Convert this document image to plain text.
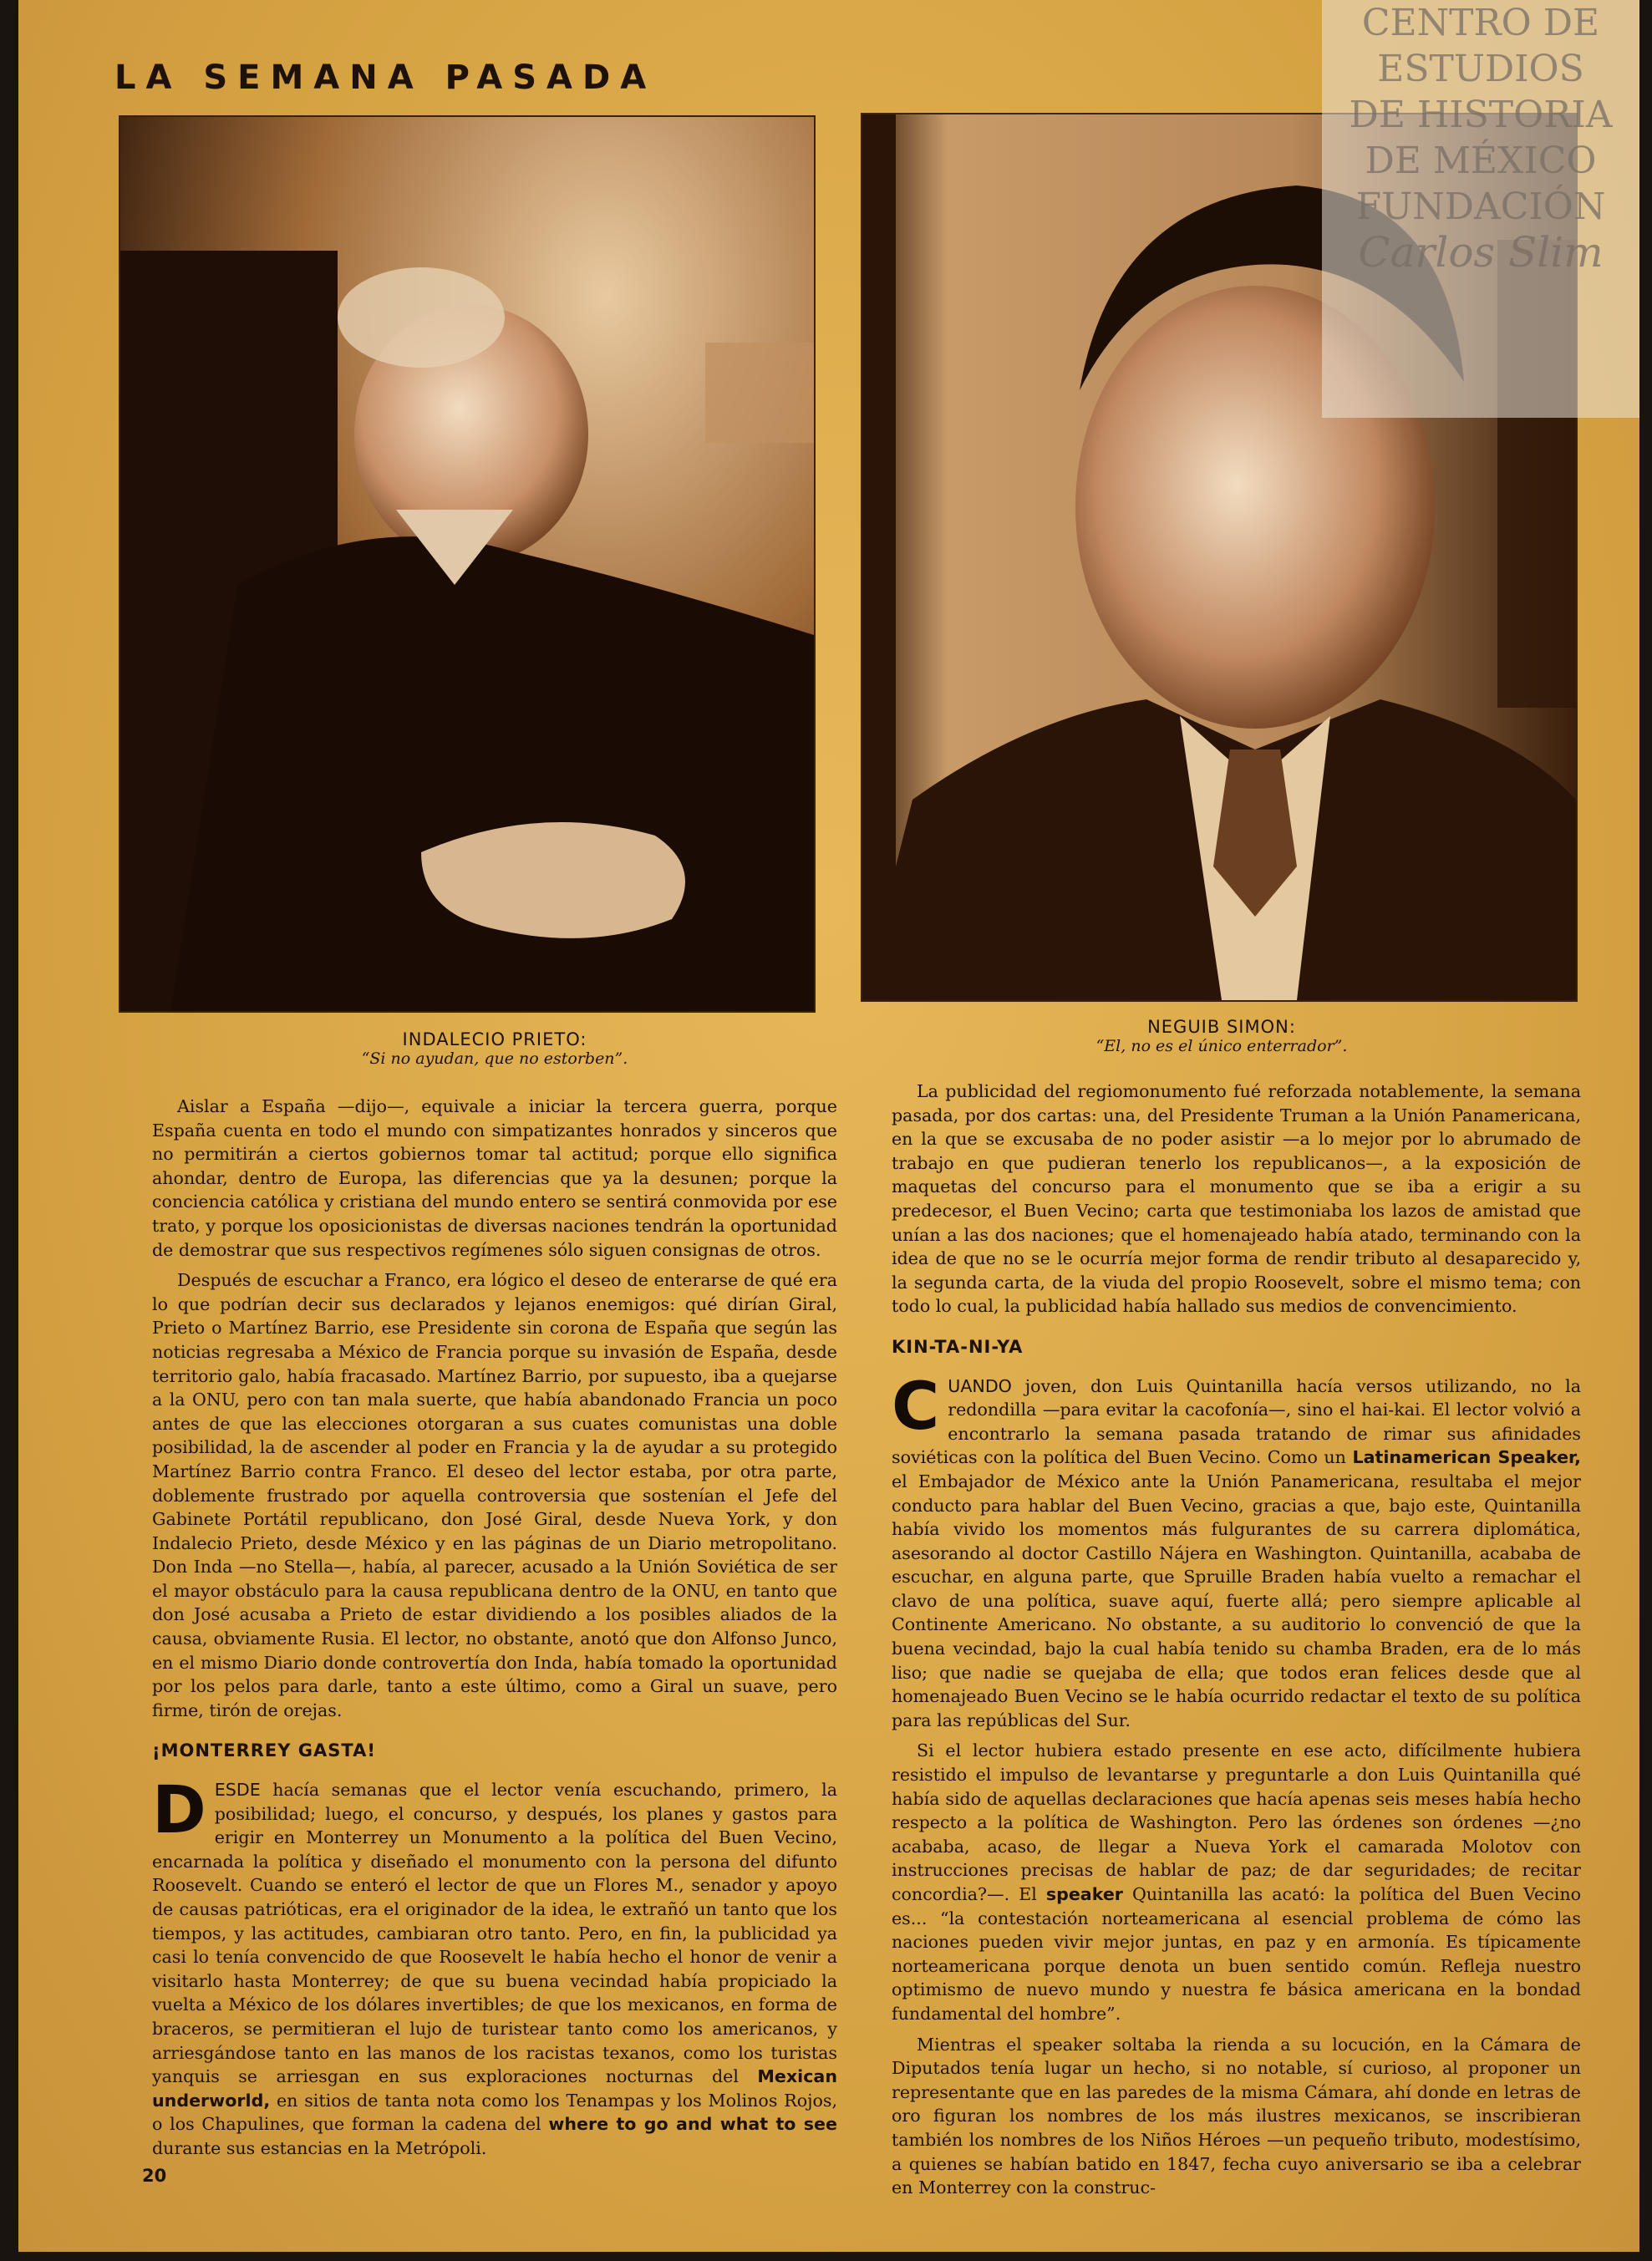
LA SEMANA PASADA
INDALECIO PRIETO:
“Si no ayudan, que no estorben”.
NEGUIB SIMON:
“El, no es el único enterrador”.

Aislar a España —dijo—, equivale a iniciar la tercera guerra, porque España cuenta en todo el mundo con simpatizantes honrados y sinceros que no permitirán a ciertos gobiernos tomar tal actitud; porque ello significa ahondar, dentro de Europa, las diferencias que ya la desunen; porque la conciencia católica y cristiana del mundo entero se sentirá conmovida por ese trato, y porque los oposicionistas de diversas naciones tendrán la oportunidad de demostrar que sus respectivos regímenes sólo siguen consignas de otros.

Después de escuchar a Franco, era lógico el deseo de enterarse de qué era lo que podrían decir sus declarados y lejanos enemigos: qué dirían Giral, Prieto o Martínez Barrio, ese Presidente sin corona de España que según las noticias regresaba a México de Francia porque su invasión de España, desde territorio galo, había fracasado. Martínez Barrio, por supuesto, iba a quejarse a la ONU, pero con tan mala suerte, que había abandonado Francia un poco antes de que las elecciones otorgaran a sus cuates comunistas una doble posibilidad, la de ascender al poder en Francia y la de ayudar a su protegido Martínez Barrio contra Franco. El deseo del lector estaba, por otra parte, doblemente frustrado por aquella controversia que sostenían el Jefe del Gabinete Portátil republicano, don José Giral, desde Nueva York, y don Indalecio Prieto, desde México y en las páginas de un Diario metropolitano. Don Inda —no Stella—, había, al parecer, acusado a la Unión Soviética de ser el mayor obstáculo para la causa republicana dentro de la ONU, en tanto que don José acusaba a Prieto de estar dividiendo a los posibles aliados de la causa, obviamente Rusia. El lector, no obstante, anotó que don Alfonso Junco, en el mismo Diario donde controvertía don Inda, había tomado la oportunidad por los pelos para darle, tanto a este último, como a Giral un suave, pero firme, tirón de orejas.

¡MONTERREY GASTA!

DESDE hacía semanas que el lector venía escuchando, primero, la posibilidad; luego, el concurso, y después, los planes y gastos para erigir en Monterrey un Monumento a la política del Buen Vecino, encarnada la política y diseñado el monumento con la persona del difunto Roosevelt. Cuando se enteró el lector de que un Flores M., senador y apoyo de causas patrióticas, era el originador de la idea, le extrañó un tanto que los tiempos, y las actitudes, cambiaran otro tanto. Pero, en fin, la publicidad ya casi lo tenía convencido de que Roosevelt le había hecho el honor de venir a visitarlo hasta Monterrey; de que su buena vecindad había propiciado la vuelta a México de los dólares invertibles; de que los mexicanos, en forma de braceros, se permitieran el lujo de turistear tanto como los americanos, y arriesgándose tanto en las manos de los racistas texanos, como los turistas yanquis se arriesgan en sus exploraciones nocturnas del Mexican underworld, en sitios de tanta nota como los Tenampas y los Molinos Rojos, o los Chapulines, que forman la cadena del where to go and what to see durante sus estancias en la Metrópoli.

La publicidad del regiomonumento fué reforzada notablemente, la semana pasada, por dos cartas: una, del Presidente Truman a la Unión Panamericana, en la que se excusaba de no poder asistir —a lo mejor por lo abrumado de trabajo en que pudieran tenerlo los republicanos—, a la exposición de maquetas del concurso para el monumento que se iba a erigir a su predecesor, el Buen Vecino; carta que testimoniaba los lazos de amistad que unían a las dos naciones; que el homenajeado había atado, terminando con la idea de que no se le ocurría mejor forma de rendir tributo al desaparecido y, la segunda carta, de la viuda del propio Roosevelt, sobre el mismo tema; con todo lo cual, la publicidad había hallado sus medios de convencimiento.

KIN-TA-NI-YA

CUANDO joven, don Luis Quintanilla hacía versos utilizando, no la redondilla —para evitar la cacofonía—, sino el hai-kai. El lector volvió a encontrarlo la semana pasada tratando de rimar sus afinidades soviéticas con la política del Buen Vecino. Como un Latinamerican Speaker, el Embajador de México ante la Unión Panamericana, resultaba el mejor conducto para hablar del Buen Vecino, gracias a que, bajo este, Quintanilla había vivido los momentos más fulgurantes de su carrera diplomática, asesorando al doctor Castillo Nájera en Washington. Quintanilla, acababa de escuchar, en alguna parte, que Spruille Braden había vuelto a remachar el clavo de una política, suave aquí, fuerte allá; pero siempre aplicable al Continente Americano. No obstante, a su auditorio lo convenció de que la buena vecindad, bajo la cual había tenido su chamba Braden, era de lo más liso; que nadie se quejaba de ella; que todos eran felices desde que al homenajeado Buen Vecino se le había ocurrido redactar el texto de su política para las repúblicas del Sur.

Si el lector hubiera estado presente en ese acto, difícilmente hubiera resistido el impulso de levantarse y preguntarle a don Luis Quintanilla qué había sido de aquellas declaraciones que hacía apenas seis meses había hecho respecto a la política de Washington. Pero las órdenes son órdenes —¿no acababa, acaso, de llegar a Nueva York el camarada Molotov con instrucciones precisas de hablar de paz; de dar seguridades; de recitar concordia?—. El speaker Quintanilla las acató: la política del Buen Vecino es... “la contestación norteamericana al esencial problema de cómo las naciones pueden vivir mejor juntas, en paz y en armonía. Es típicamente norteamericana porque denota un buen sentido común. Refleja nuestro optimismo de nuevo mundo y nuestra fe básica americana en la bondad fundamental del hombre”.

Mientras el speaker soltaba la rienda a su locución, en la Cámara de Diputados tenía lugar un hecho, si no notable, sí curioso, al proponer un representante que en las paredes de la misma Cámara, ahí donde en letras de oro figuran los nombres de los más ilustres mexicanos, se inscribieran también los nombres de los Niños Héroes —un pequeño tributo, modestísimo, a quienes se habían batido en 1847, fecha cuyo aniversario se iba a celebrar en Monterrey con la construc-

20
CENTRO DE
ESTUDIOS
DE HISTORIA
DE MÉXICO
FUNDACIÓN
Carlos Slim
